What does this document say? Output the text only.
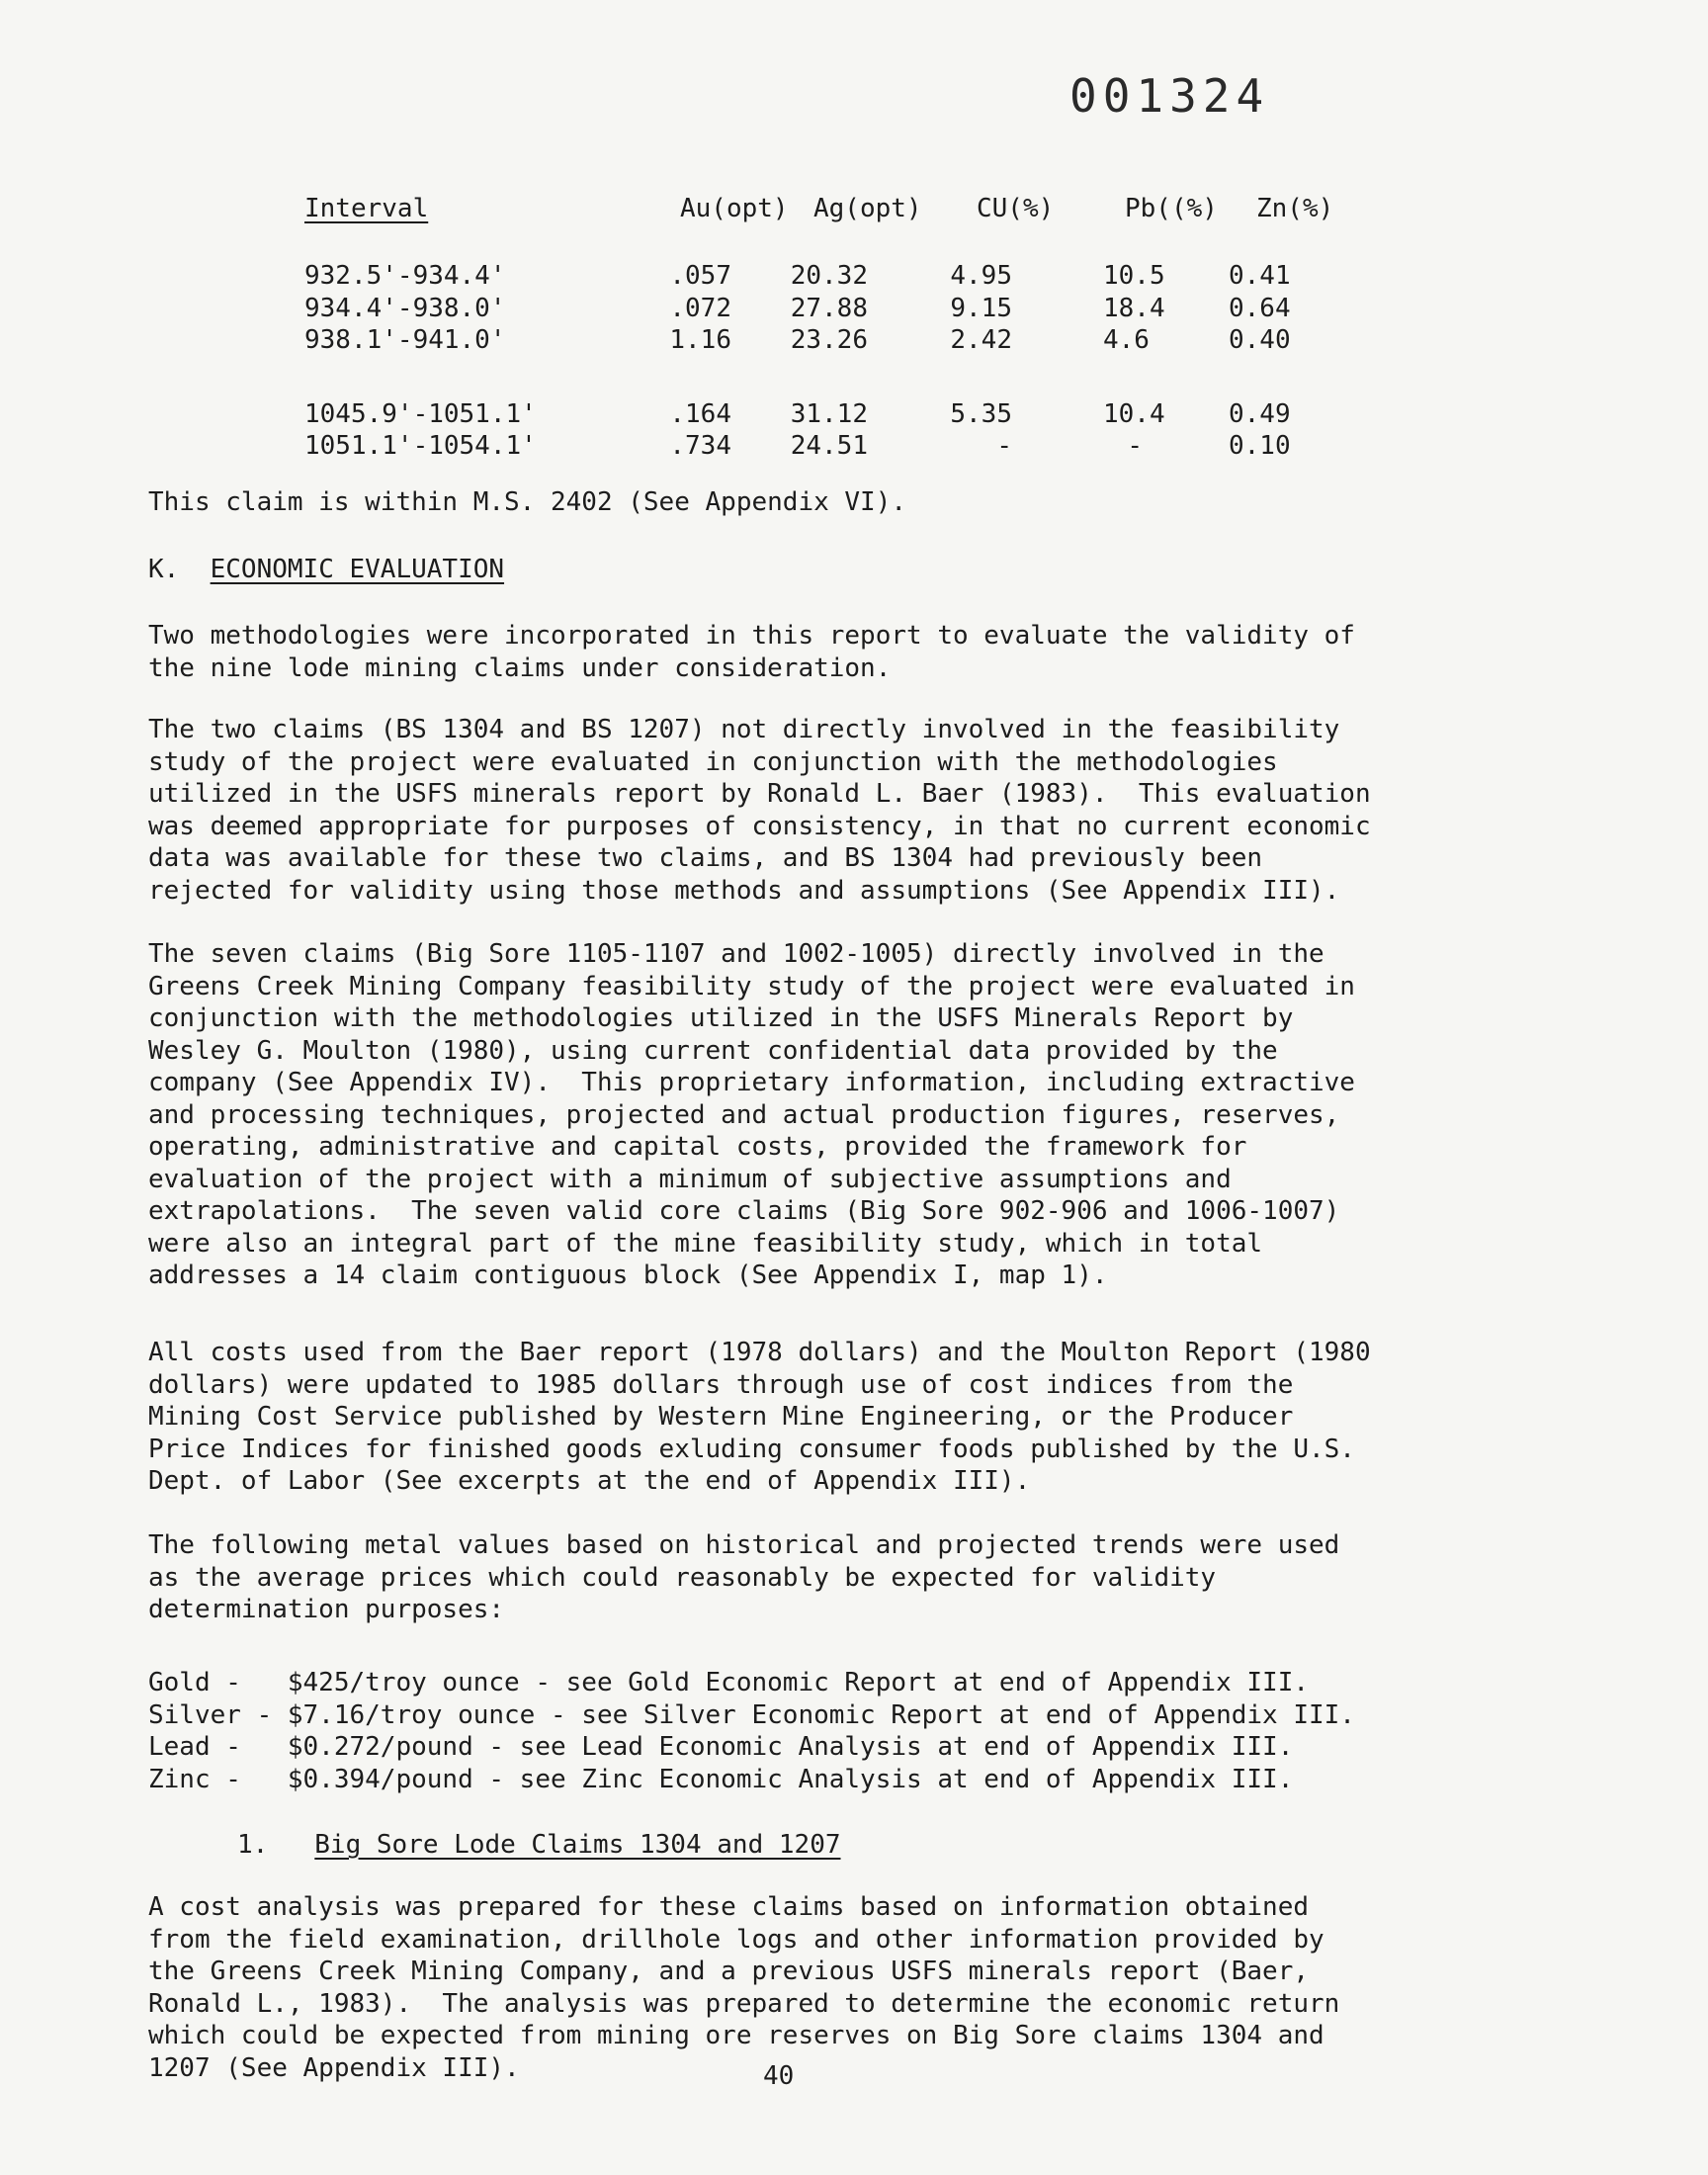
001324
Interval	Au(opt) Ag(opt) CU(%)	Pb((%) Zn(%)
932.5'-934.4'	.057 20.32	4.95	10.5 0.41
934.4'-938.0'	.072 27.88	9.15	18.4 0.64
938.1'-941.0'	1.16 23.26	2.42	4.6	0.40
1045.9'-1051.1'	.164 31.12	5.35	10.4 0.49
1051.1'-1054.1'	.734 24.51	-	-	0.10
This claim is within M.S. 2402 (See Appendix VI).
K. ECONOMIC EVALUATION
Two methodologies were incorporated in this report to evaluate the validity of
the nine lode mining claims under consideration.
The two claims (BS 1304 and BS 1207) not directly involved in the feasibility
study of the project were evaluated in conjunction with the methodologies
utilized in the USFS minerals report by Ronald L. Baer (1983).  This evaluation
was deemed appropriate for purposes of consistency, in that no current economic
data was available for these two claims, and BS 1304 had previously been
rejected for validity using those methods and assumptions (See Appendix III).
The seven claims (Big Sore 1105-1107 and 1002-1005) directly involved in the
Greens Creek Mining Company feasibility study of the project were evaluated in
conjunction with the methodologies utilized in the USFS Minerals Report by
Wesley G. Moulton (1980), using current confidential data provided by the
company (See Appendix IV).  This proprietary information, including extractive
and processing techniques, projected and actual production figures, reserves,
operating, administrative and capital costs, provided the framework for
evaluation of the project with a minimum of subjective assumptions and
extrapolations.  The seven valid core claims (Big Sore 902-906 and 1006-1007)
were also an integral part of the mine feasibility study, which in total
addresses a 14 claim contiguous block (See Appendix I, map 1).
All costs used from the Baer report (1978 dollars) and the Moulton Report (1980
dollars) were updated to 1985 dollars through use of cost indices from the
Mining Cost Service published by Western Mine Engineering, or the Producer
Price Indices for finished goods exluding consumer foods published by the U.S.
Dept. of Labor (See excerpts at the end of Appendix III).
The following metal values based on historical and projected trends were used
as the average prices which could reasonably be expected for validity
determination purposes:
Gold -   $425/troy ounce - see Gold Economic Report at end of Appendix III.
Silver - $7.16/troy ounce - see Silver Economic Report at end of Appendix III.
Lead -   $0.272/pound - see Lead Economic Analysis at end of Appendix III.
Zinc -   $0.394/pound - see Zinc Economic Analysis at end of Appendix III.
1. Big Sore Lode Claims 1304 and 1207
A cost analysis was prepared for these claims based on information obtained
from the field examination, drillhole logs and other information provided by
the Greens Creek Mining Company, and a previous USFS minerals report (Baer,
Ronald L., 1983).  The analysis was prepared to determine the economic return
which could be expected from mining ore reserves on Big Sore claims 1304 and
1207 (See Appendix III).	40
